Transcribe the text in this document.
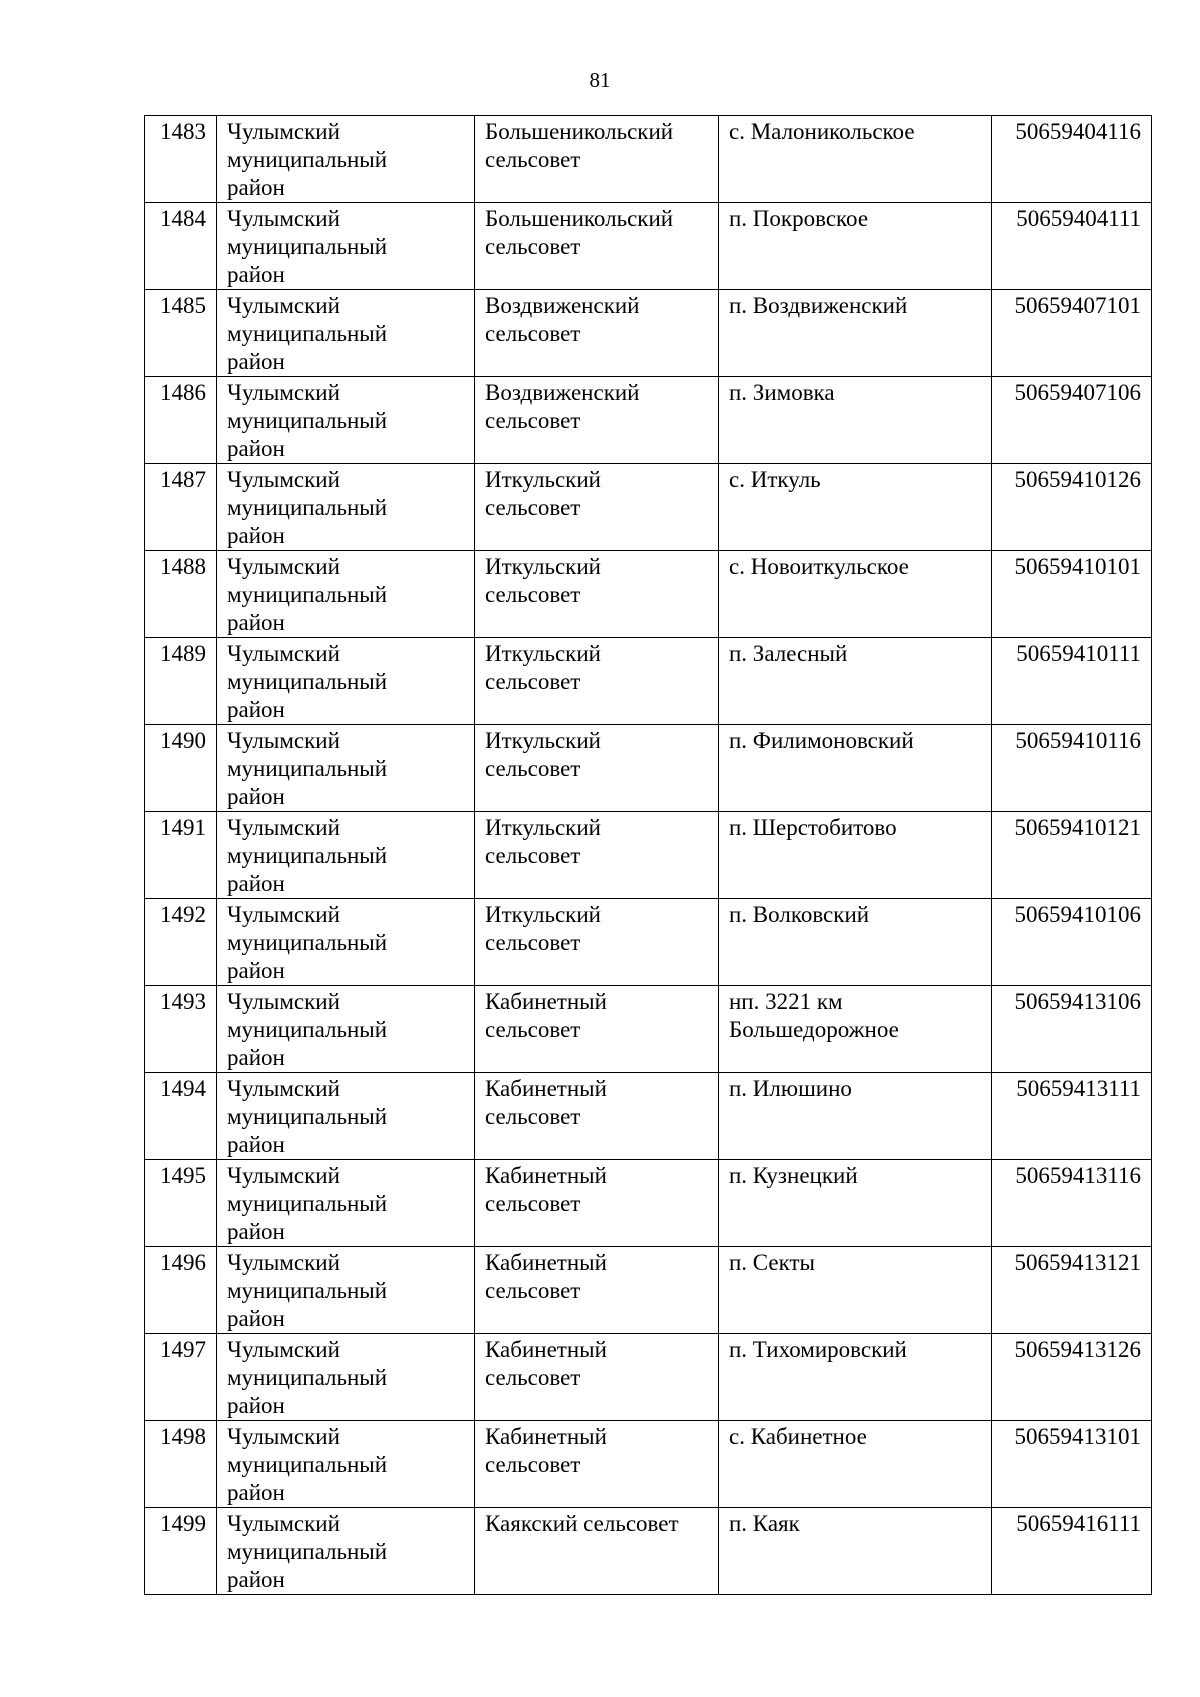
81
1483	Чулымский
муниципальный
район	Большеникольский
сельсовет	с. Малоникольское	50659404116

1484	Чулымский
муниципальный
район	Большеникольский
сельсовет	п. Покровское	50659404111

1485	Чулымский
муниципальный
район	Воздвиженский
сельсовет	п. Воздвиженский	50659407101

1486	Чулымский
муниципальный
район	Воздвиженский
сельсовет	п. Зимовка	50659407106

1487	Чулымский
муниципальный
район	Иткульский
сельсовет	с. Иткуль	50659410126

1488	Чулымский
муниципальный
район	Иткульский
сельсовет	с. Новоиткульское	50659410101

1489	Чулымский
муниципальный
район	Иткульский
сельсовет	п. Залесный	50659410111

1490	Чулымский
муниципальный
район	Иткульский
сельсовет	п. Филимоновский	50659410116

1491	Чулымский
муниципальный
район	Иткульский
сельсовет	п. Шерстобитово	50659410121

1492	Чулымский
муниципальный
район	Иткульский
сельсовет	п. Волковский	50659410106

1493	Чулымский
муниципальный
район	Кабинетный
сельсовет	нп. 3221 км
Большедорожное	50659413106

1494	Чулымский
муниципальный
район	Кабинетный
сельсовет	п. Илюшино	50659413111

1495	Чулымский
муниципальный
район	Кабинетный
сельсовет	п. Кузнецкий	50659413116

1496	Чулымский
муниципальный
район	Кабинетный
сельсовет	п. Секты	50659413121

1497	Чулымский
муниципальный
район	Кабинетный
сельсовет	п. Тихомировский	50659413126

1498	Чулымский
муниципальный
район	Кабинетный
сельсовет	с. Кабинетное	50659413101

1499	Чулымский
муниципальный
район	Каякский сельсовет	п. Каяк	50659416111
